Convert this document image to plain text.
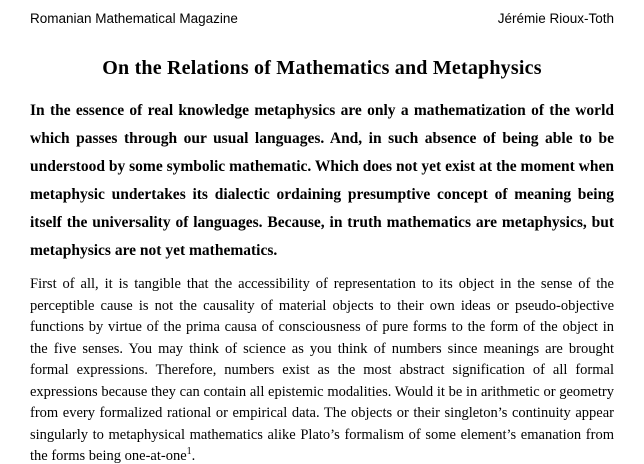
Romanian Mathematical Magazine	Jérémie Rioux-Toth
On the Relations of Mathematics and Metaphysics

In the essence of real knowledge metaphysics are only a mathematization of the world which passes through our usual languages. And, in such absence of being able to be understood by some symbolic mathematic. Which does not yet exist at the moment when metaphysic undertakes its dialectic ordaining presumptive concept of meaning being itself the universality of languages. Because, in truth mathematics are metaphysics, but metaphysics are not yet mathematics.

First of all, it is tangible that the accessibility of representation to its object in the sense of the perceptible cause is not the causality of material objects to their own ideas or pseudo-objective functions by virtue of the prima causa of consciousness of pure forms to the form of the object in the five senses. You may think of science as you think of numbers since meanings are brought formal expressions. Therefore, numbers exist as the most abstract signification of all formal expressions because they can contain all epistemic modalities. Would it be in arithmetic or geometry from every formalized rational or empirical data. The objects or their singleton’s continuity appear singularly to metaphysical mathematics alike Plato’s formalism of some element’s emanation from the forms being one-at-one$^1$.
